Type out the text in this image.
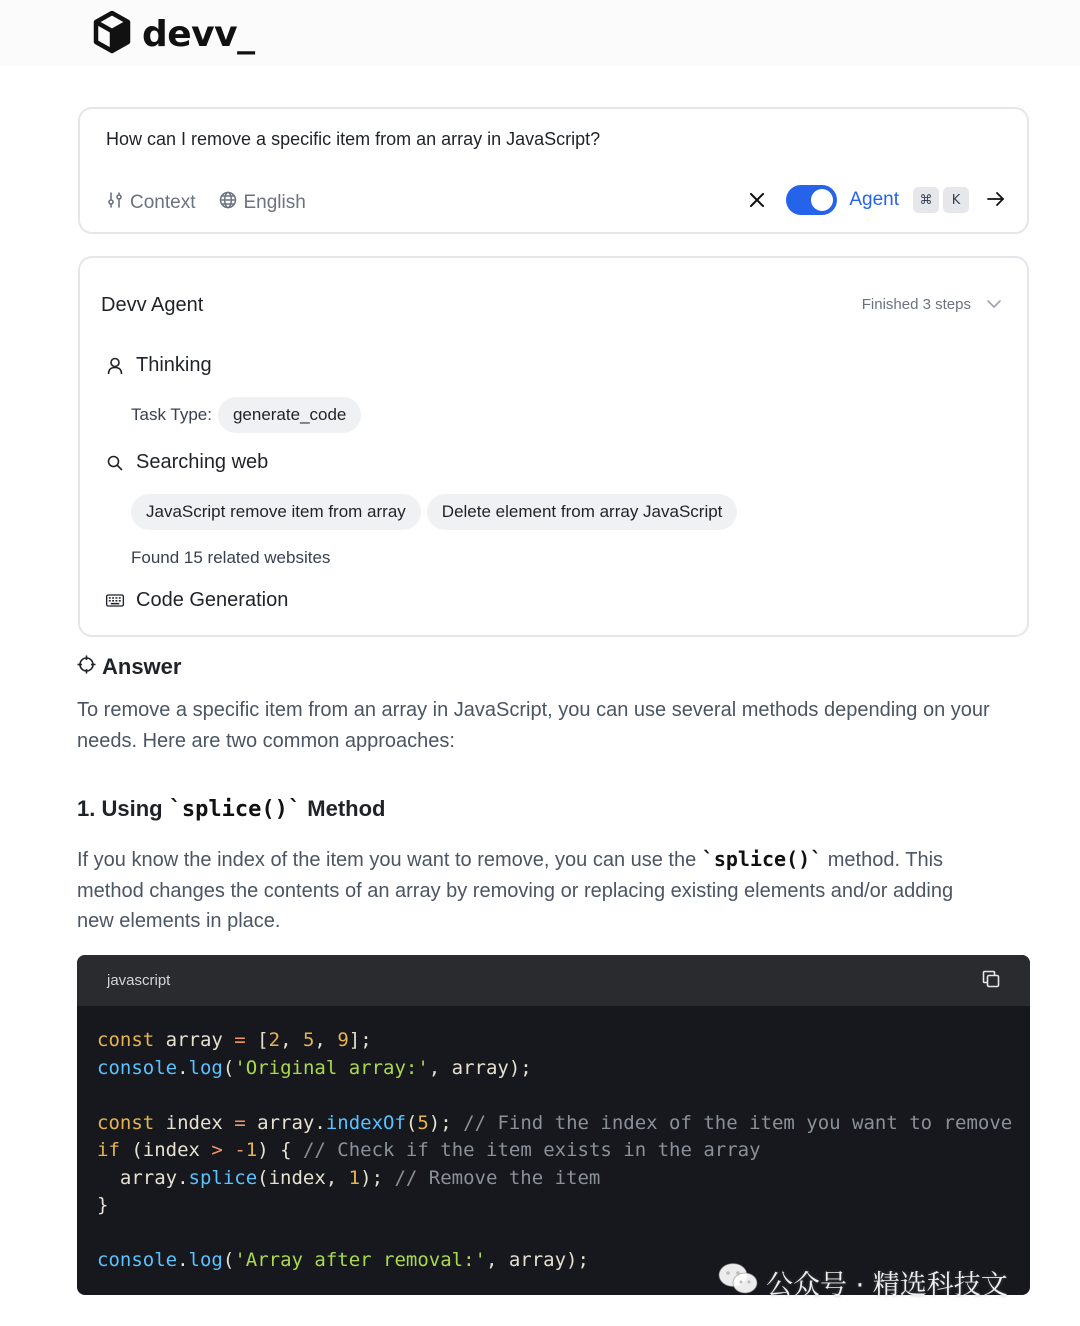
devv_
How can I remove a specific item from an array in JavaScript?
Context	English	Agent	⌘	K
Devv Agent	Finished 3 steps
Thinking
Task Type:	generate_code
Searching web
JavaScript remove item from array	Delete element from array JavaScript
Found 15 related websites
Code Generation
Answer
To remove a specific item from an array in JavaScript, you can use several methods depending on your
needs. Here are two common approaches:
1. Using `splice()` Method
If you know the index of the item you want to remove, you can use the `splice()` method. This
method changes the contents of an array by removing or replacing existing elements and/or adding
new elements in place.
javascript
const array = [2, 5, 9];
console.log('Original array:', array);

const index = array.indexOf(5); // Find the index of the item you want to remove
if (index > -1) { // Check if the item exists in the array
array.splice(index, 1); // Remove the item
}

console.log('Array after removal:', array);
公众号 · 精选科技文
